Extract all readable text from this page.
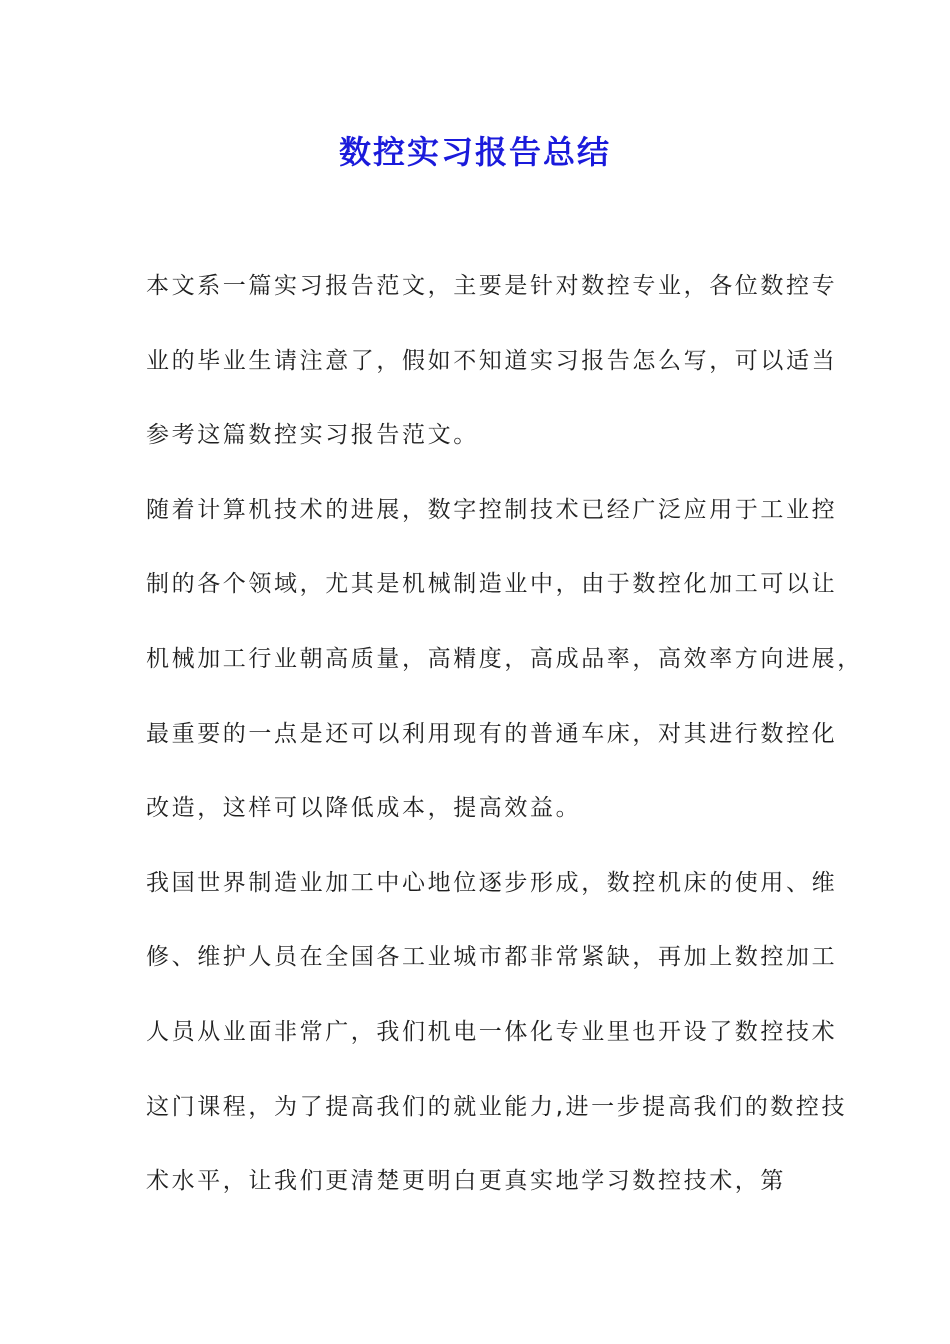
数控实习报告总结

本文系一篇实习报告范文，主要是针对数控专业，各位数控专
业的毕业生请注意了，假如不知道实习报告怎么写，可以适当
参考这篇数控实习报告范文。

随着计算机技术的进展，数字控制技术已经广泛应用于工业控
制的各个领域，尤其是机械制造业中，由于数控化加工可以让
机械加工行业朝高质量，高精度，高成品率，高效率方向进展，
最重要的一点是还可以利用现有的普通车床，对其进行数控化
改造，这样可以降低成本，提高效益。

我国世界制造业加工中心地位逐步形成，数控机床的使用、维
修、维护人员在全国各工业城市都非常紧缺，再加上数控加工
人员从业面非常广，我们机电一体化专业里也开设了数控技术
这门课程，为了提高我们的就业能力,进一步提高我们的数控技
术水平，让我们更清楚更明白更真实地学习数控技术，第
